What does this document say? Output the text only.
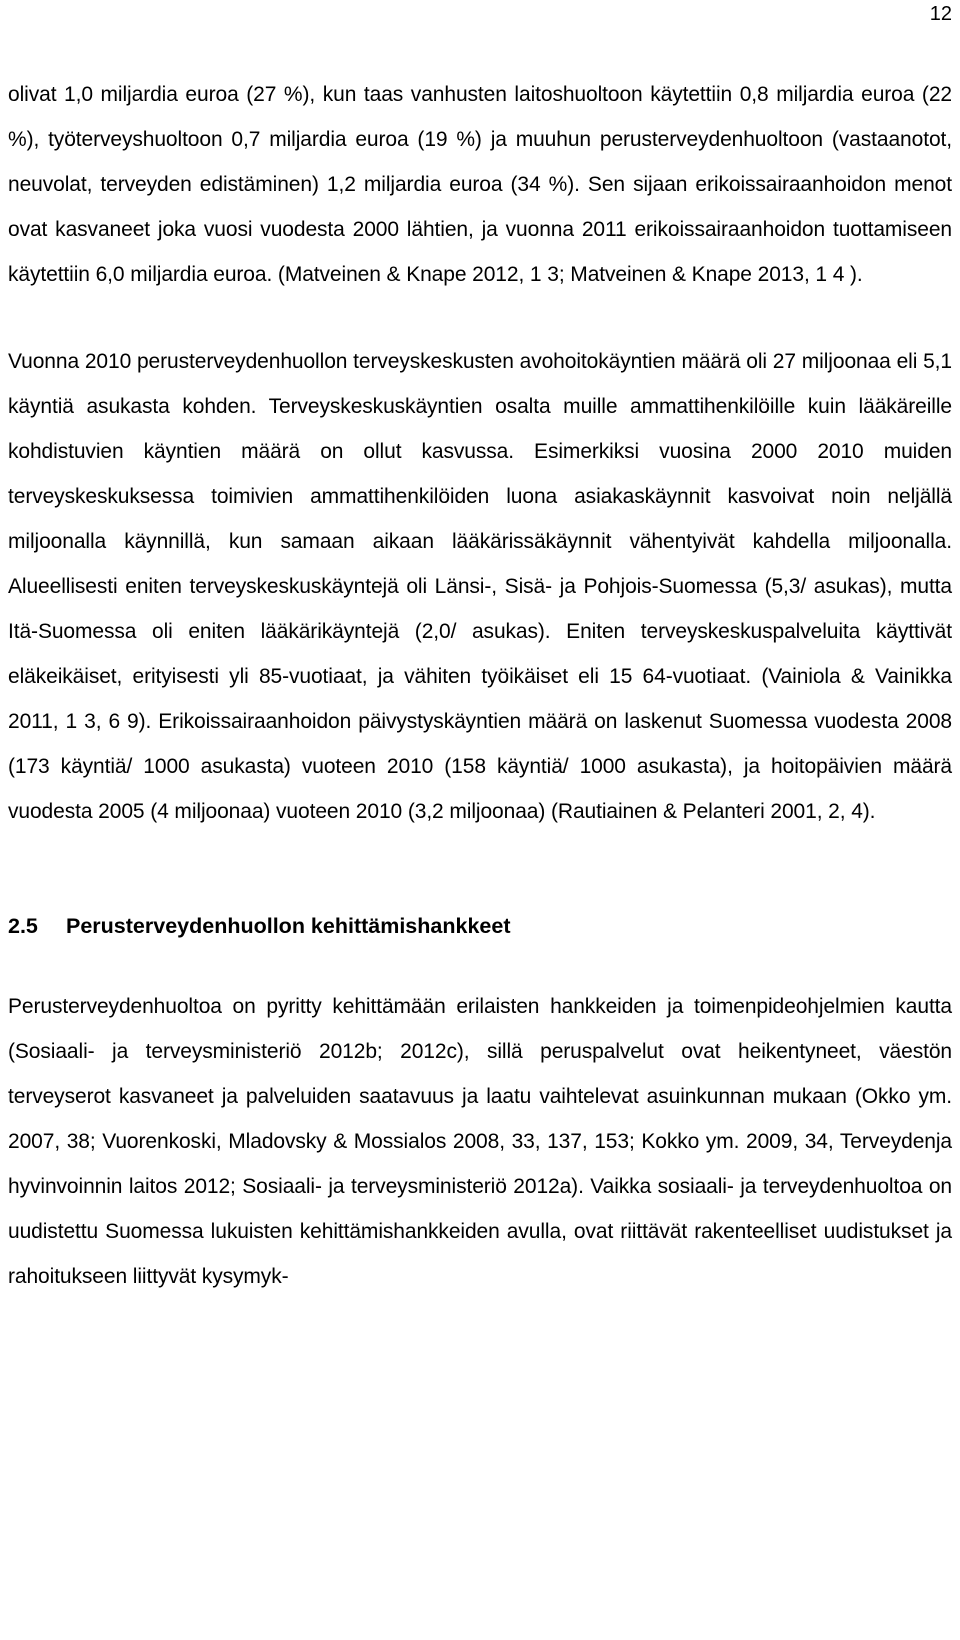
12

olivat 1,0 miljardia euroa (27 %), kun taas vanhusten laitoshuoltoon käytettiin 0,8 miljardia euroa (22 %), työterveyshuoltoon 0,7 miljardia euroa (19 %) ja muuhun perusterveydenhuoltoon (vastaanotot, neuvolat, terveyden edistäminen) 1,2 miljardia euroa (34 %). Sen sijaan erikoissairaanhoidon menot ovat kasvaneet joka vuosi vuodesta 2000 lähtien, ja vuonna 2011 erikoissairaanhoidon tuottamiseen käytettiin 6,0 miljardia euroa. (Matveinen & Knape 2012, 1 3; Matveinen & Knape 2013, 1 4 ).

Vuonna 2010 perusterveydenhuollon terveyskeskusten avohoitokäyntien määrä oli 27 miljoonaa eli 5,1 käyntiä asukasta kohden. Terveyskeskuskäyntien osalta muille ammattihenkilöille kuin lääkäreille kohdistuvien käyntien määrä on ollut kasvussa. Esimerkiksi vuosina 2000 2010 muiden terveyskeskuksessa toimivien ammattihenkilöiden luona asiakaskäynnit kasvoivat noin neljällä miljoonalla käynnillä, kun samaan aikaan lääkärissäkäynnit vähentyivät kahdella miljoonalla. Alueellisesti eniten terveyskeskuskäyntejä oli Länsi-, Sisä- ja Pohjois-Suomessa (5,3/ asukas), mutta Itä-Suomessa oli eniten lääkärikäyntejä (2,0/ asukas). Eniten terveyskeskuspalveluita käyttivät eläkeikäiset, erityisesti yli 85-vuotiaat, ja vähiten työikäiset eli 15 64-vuotiaat. (Vainiola & Vainikka 2011, 1 3, 6 9). Erikoissairaanhoidon päivystyskäyntien määrä on laskenut Suomessa vuodesta 2008 (173 käyntiä/ 1000 asukasta) vuoteen 2010 (158 käyntiä/ 1000 asukasta), ja hoitopäivien määrä vuodesta 2005 (4 miljoonaa) vuoteen 2010 (3,2 miljoonaa) (Rautiainen & Pelanteri 2001, 2, 4).

2.5	Perusterveydenhuollon kehittämishankkeet

Perusterveydenhuoltoa on pyritty kehittämään erilaisten hankkeiden ja toimenpideohjelmien kautta (Sosiaali- ja terveysministeriö 2012b; 2012c), sillä peruspalvelut ovat heikentyneet, väestön terveyserot kasvaneet ja palveluiden saatavuus ja laatu vaihtelevat asuinkunnan mukaan (Okko ym. 2007, 38; Vuorenkoski, Mladovsky & Mossialos 2008, 33, 137, 153; Kokko ym. 2009, 34, Terveydenja hyvinvoinnin laitos 2012; Sosiaali- ja terveysministeriö 2012a). Vaikka sosiaali- ja terveydenhuoltoa on uudistettu Suomessa lukuisten kehittämishankkeiden avulla, ovat riittävät rakenteelliset uudistukset ja rahoitukseen liittyvät kysymyk-
